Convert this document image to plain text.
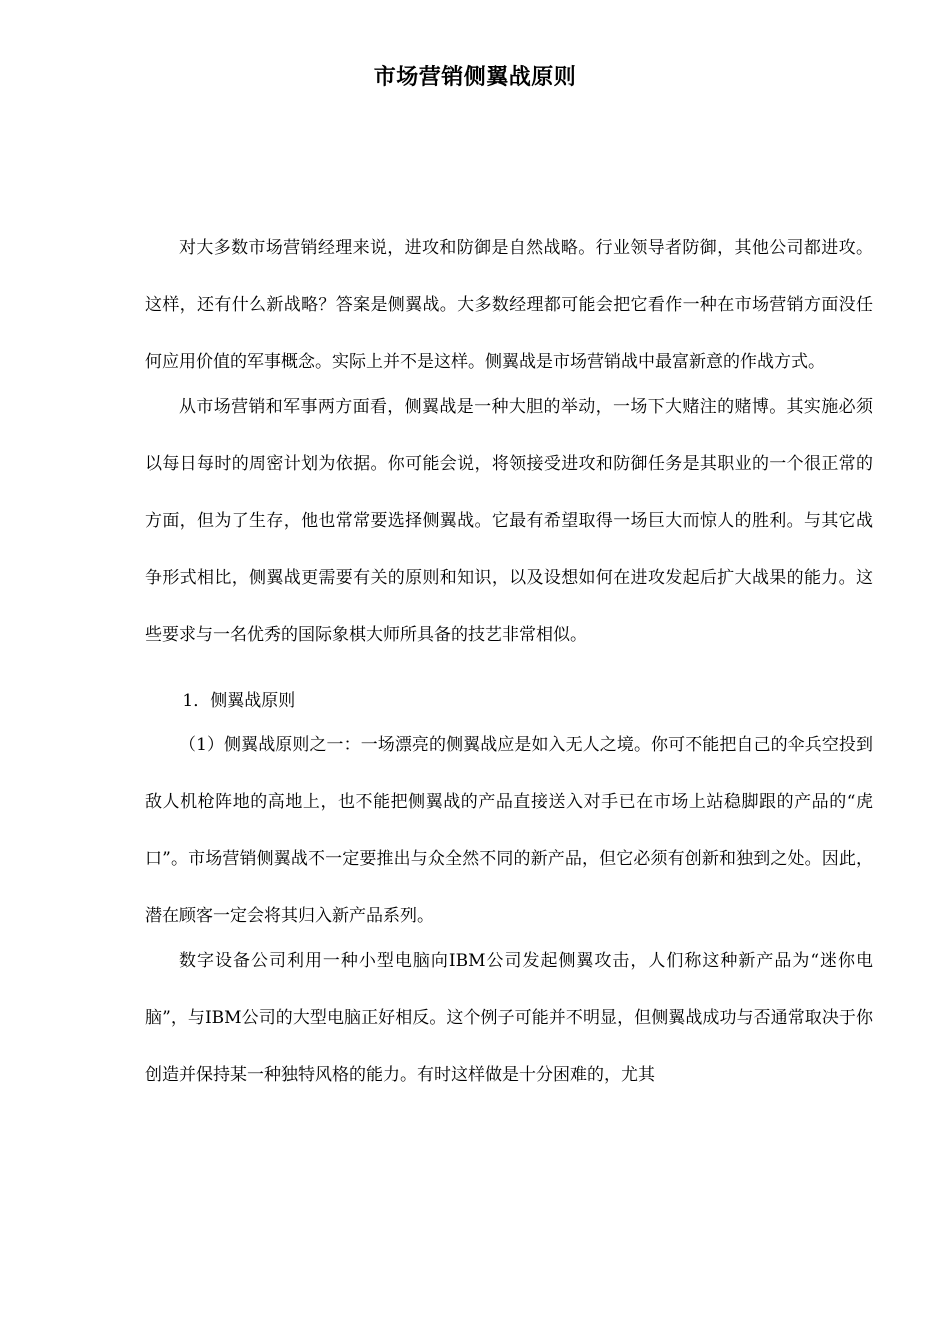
市场营销侧翼战原则

对大多数市场营销经理来说，进攻和防御是自然战略。行业领导者防御，其他公司都进攻。这样，还有什么新战略？答案是侧翼战。大多数经理都可能会把它看作一种在市场营销方面没任何应用价值的军事概念。实际上并不是这样。侧翼战是市场营销战中最富新意的作战方式。

从市场营销和军事两方面看，侧翼战是一种大胆的举动，一场下大赌注的赌博。其实施必须以每日每时的周密计划为依据。你可能会说，将领接受进攻和防御任务是其职业的一个很正常的方面，但为了生存，他也常常要选择侧翼战。它最有希望取得一场巨大而惊人的胜利。与其它战争形式相比，侧翼战更需要有关的原则和知识，以及设想如何在进攻发起后扩大战果的能力。这些要求与一名优秀的国际象棋大师所具备的技艺非常相似。

1．侧翼战原则

（1）侧翼战原则之一：一场漂亮的侧翼战应是如入无人之境。你可不能把自己的伞兵空投到敌人机枪阵地的高地上，也不能把侧翼战的产品直接送入对手已在市场上站稳脚跟的产品的“虎口”。市场营销侧翼战不一定要推出与众全然不同的新产品，但它必须有创新和独到之处。因此，潜在顾客一定会将其归入新产品系列。

数字设备公司利用一种小型电脑向IBM公司发起侧翼攻击，人们称这种新产品为“迷你电脑”，与IBM公司的大型电脑正好相反。这个例子可能并不明显，但侧翼战成功与否通常取决于你创造并保持某一种独特风格的能力。有时这样做是十分困难的，尤其
